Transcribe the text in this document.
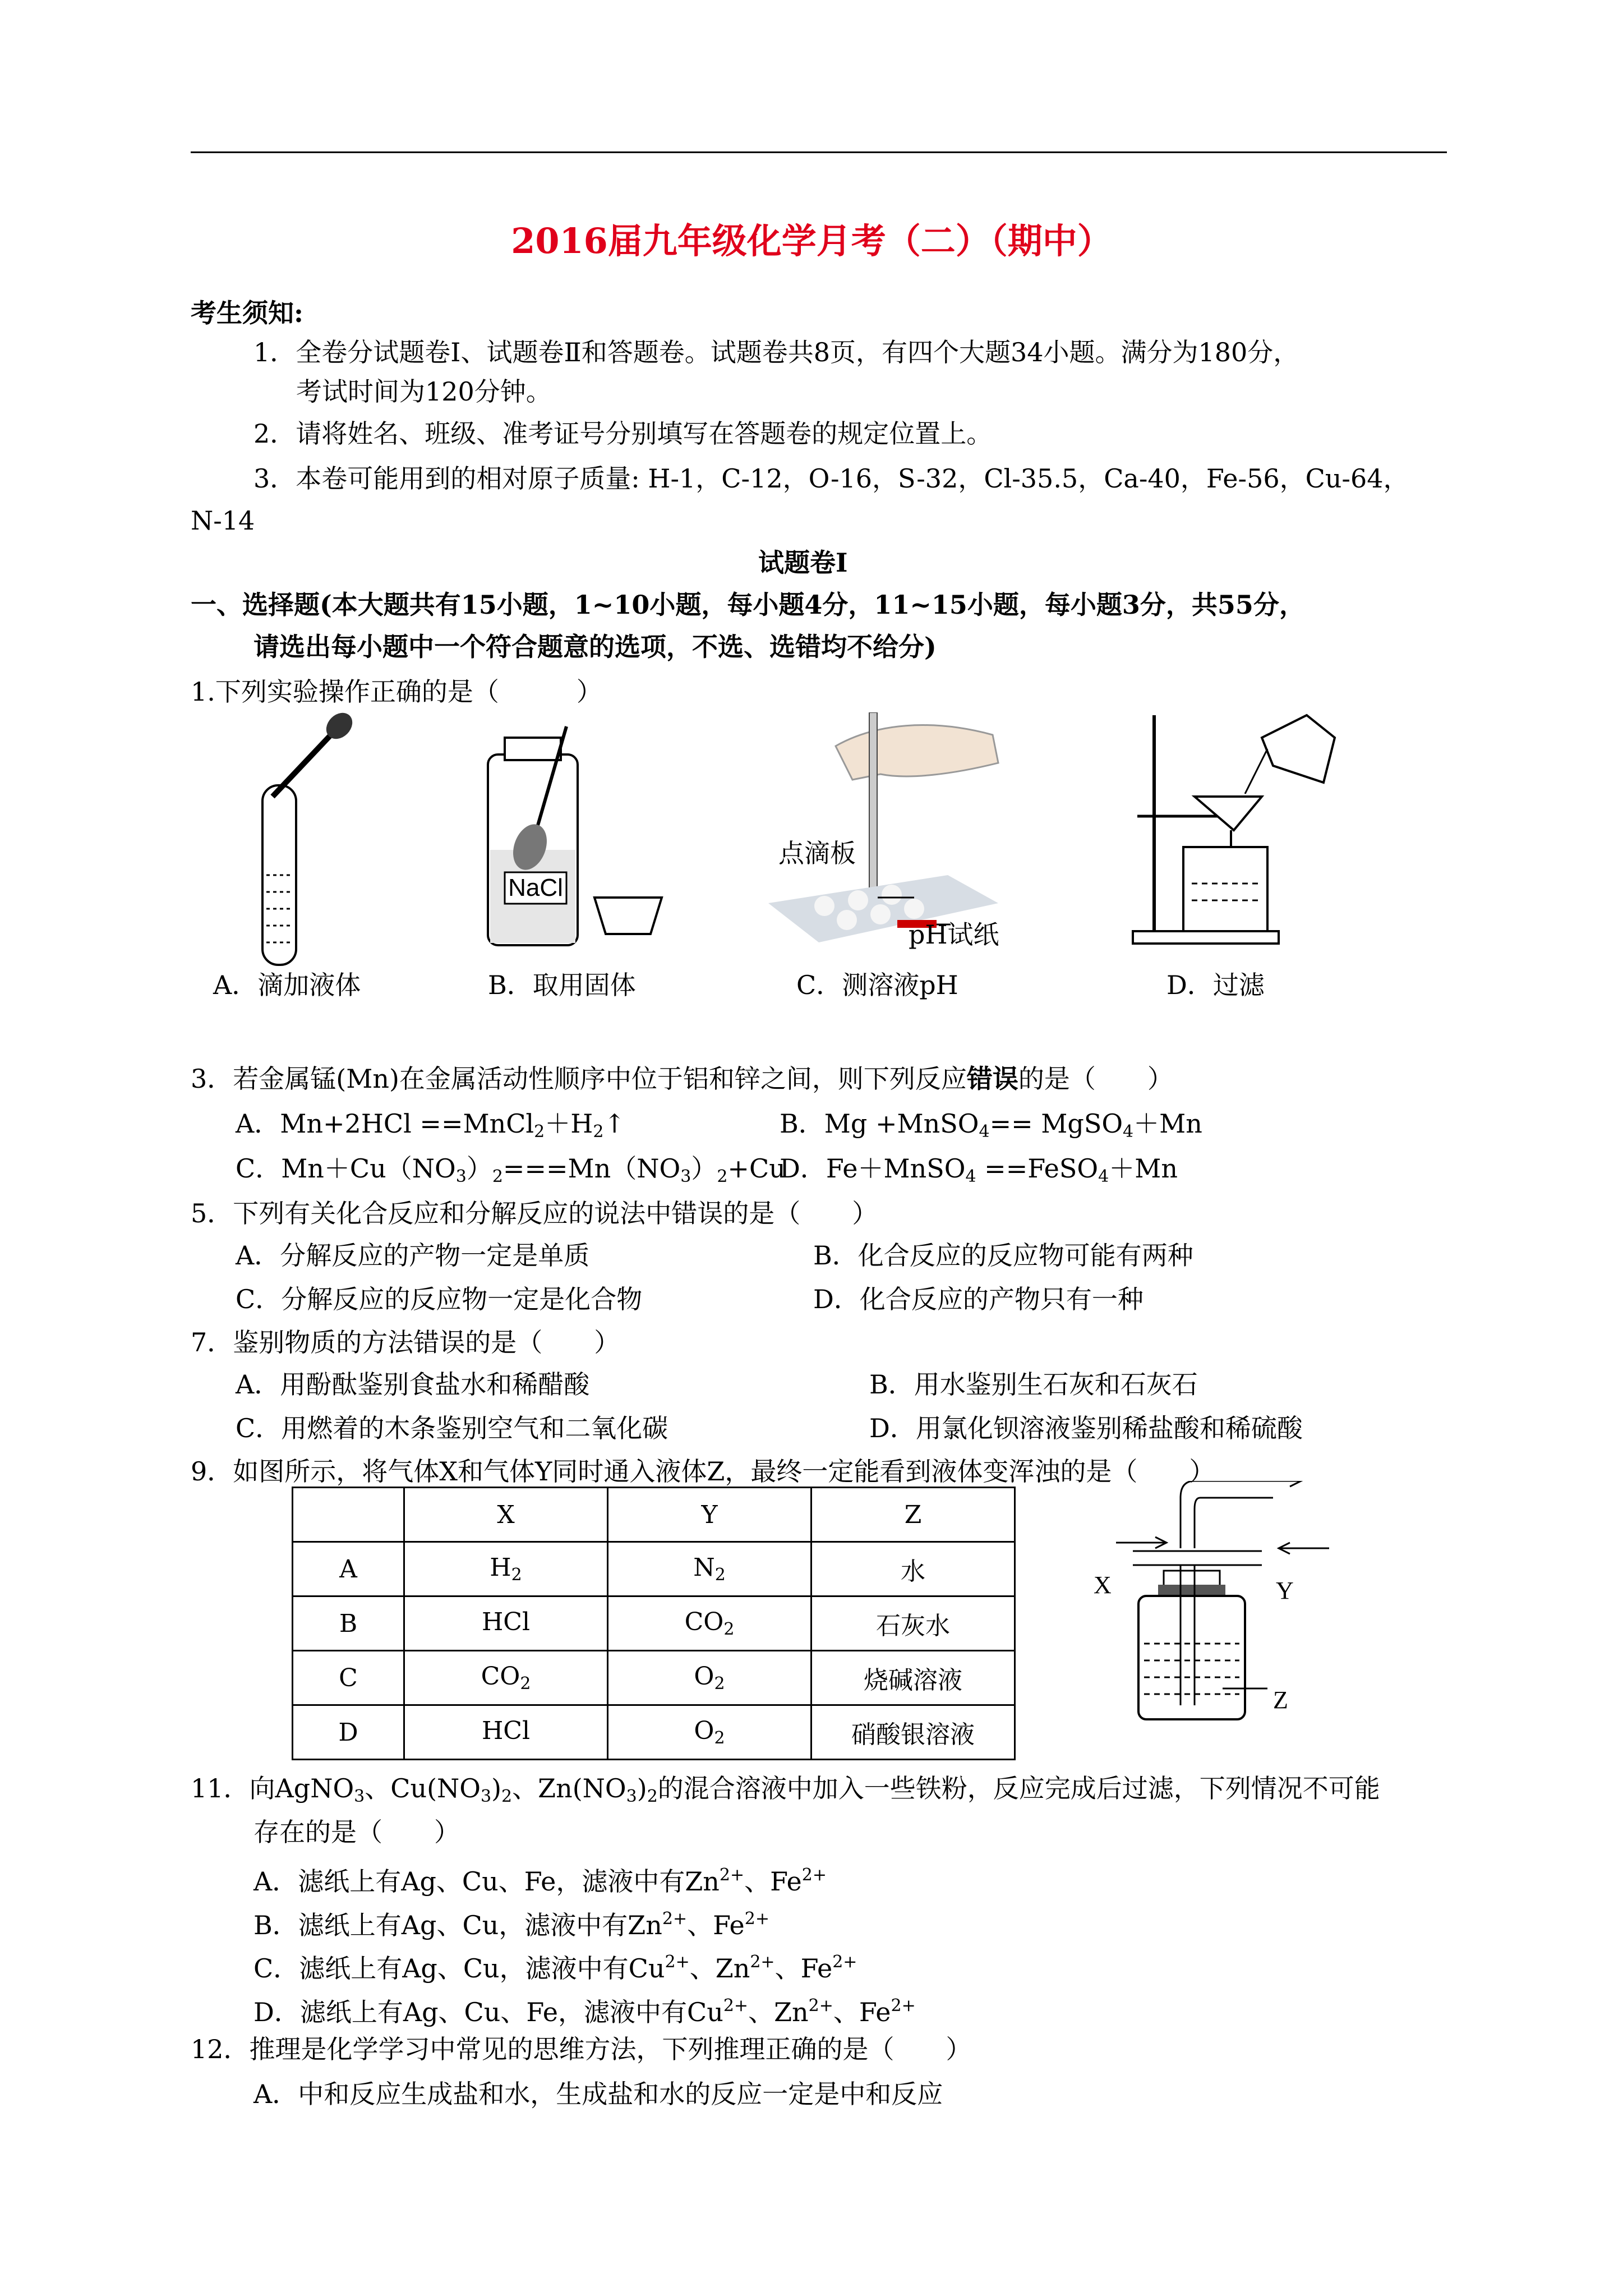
2016届九年级化学月考（二）（期中）
考生须知:
1．全卷分试题卷Ⅰ、试题卷Ⅱ和答题卷。试题卷共8页，有四个大题34小题。满分为180分，
考试时间为120分钟。
2．请将姓名、班级、准考证号分别填写在答题卷的规定位置上。
3．本卷可能用到的相对原子质量: H-1，C-12，O-16，S-32，Cl-35.5，Ca-40，Fe-56，Cu-64，
N-14
试题卷Ⅰ
一、选择题(本大题共有15小题，1~10小题，每小题4分，11~15小题，每小题3分，共55分，
请选出每小题中一个符合题意的选项，不选、选错均不给分)
1.下列实验操作正确的是（　　　）
A．滴加液体
NaCl
B．取用固体
点滴板
pH试纸
C．测溶液pH	D．过滤
3．若金属锰(Mn)在金属活动性顺序中位于铝和锌之间，则下列反应错误的是（　　）
A．$Mn+2HCl ==MnCl_2+H_2↑$	B．Mg +MnSO$_4$== MgSO$_4$＋Mn
C．$Mn+Cu(NO_3)_2===Mn(NO_3)_2+Cu$
D．Fe＋MnSO$_4$ ==FeSO$_4$＋Mn
5．下列有关化合反应和分解反应的说法中错误的是（　　）
A．分解反应的产物一定是单质	B．化合反应的反应物可能有两种
C．分解反应的反应物一定是化合物	D．化合反应的产物只有一种
7．鉴别物质的方法错误的是（　　）
A．用酚酞鉴别食盐水和稀醋酸	B．用水鉴别生石灰和石灰石
C．用燃着的木条鉴别空气和二氧化碳	D．用氯化钡溶液鉴别稀盐酸和稀硫酸
9．如图所示，将气体X和气体Y同时通入液体Z，最终一定能看到液体变浑浊的是（　　）
	X	Y	Z
A	$H_2$	$N_2$	水
B	HCl	$CO_2$	石灰水
C	$CO_2$	$O_2$	烧碱溶液
D	HCl	$O_2$	硝酸银溶液
X	Y
Z
11．向AgNO$_3$、$Cu(NO_3)_2$、$Zn(NO_3)_2$的混合溶液中加入一些铁粉，反应完成后过滤，下列情况不可能
存在的是（　　）
A．滤纸上有Ag、Cu、Fe，滤液中有$Zn^{2+}$、$Fe^{2+}$
B．滤纸上有Ag、Cu，滤液中有$Zn^{2+}$、$Fe^{2+}$
C．滤纸上有Ag、Cu，滤液中有$Cu^{2+}$、$Zn^{2+}$、$Fe^{2+}$
D．滤纸上有Ag、Cu、Fe，滤液中有$Cu^{2+}$、$Zn^{2+}$、$Fe^{2+}$
12．推理是化学学习中常见的思维方法，下列推理正确的是（　　）
A．中和反应生成盐和水，生成盐和水的反应一定是中和反应
